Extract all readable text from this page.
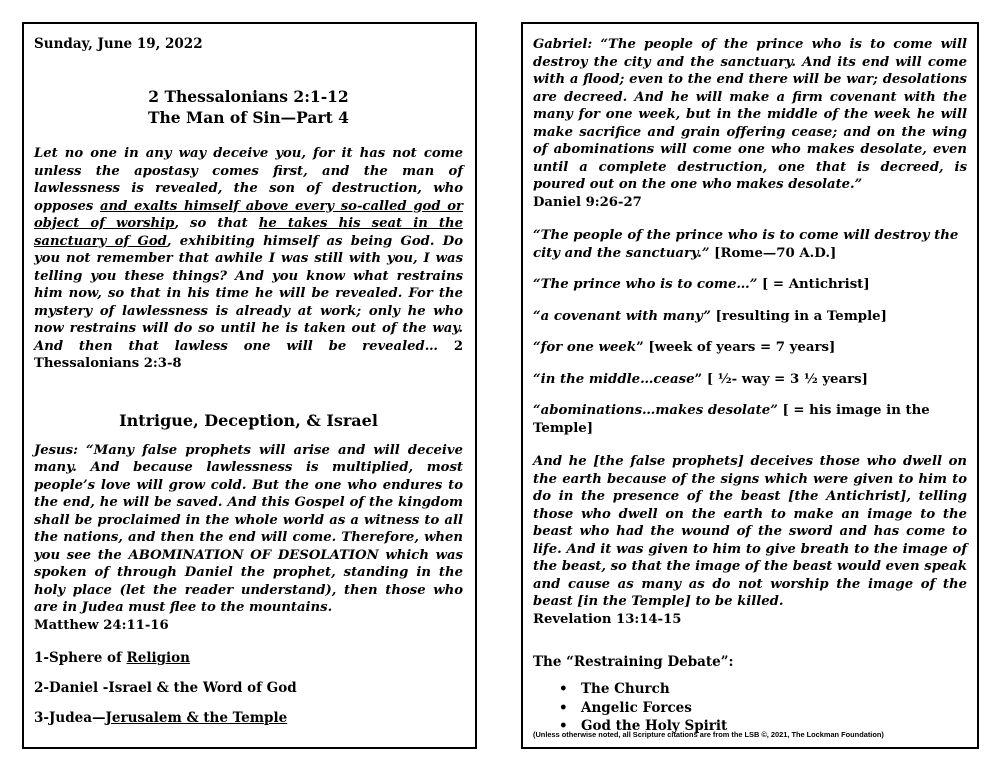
Sunday, June 19, 2022

2 Thessalonians 2:1-12
The Man of Sin—Part 4

Let no one in any way deceive you, for it has not come unless the apostasy comes first, and the man of lawlessness is revealed, the son of destruction, who opposes and exalts himself above every so-called god or object of worship, so that he takes his seat in the sanctuary of God, exhibiting himself as being God. Do you not remember that awhile I was still with you, I was telling you these things? And you know what restrains him now, so that in his time he will be revealed. For the mystery of lawlessness is already at work; only he who now restrains will do so until he is taken out of the way. And then that lawless one will be revealed… 2 Thessalonians 2:3-8

Intrigue, Deception, & Israel

Jesus: “Many false prophets will arise and will deceive many. And because lawlessness is multiplied, most people’s love will grow cold. But the one who endures to the end, he will be saved. And this Gospel of the kingdom shall be proclaimed in the whole world as a witness to all the nations, and then the end will come. Therefore, when you see the ABOMINATION OF DESOLATION which was spoken of through Daniel the prophet, standing in the holy place (let the reader understand), then those who are in Judea must flee to the mountains.

Matthew 24:11-16

1-Sphere of Religion

2-Daniel -Israel & the Word of God

3-Judea—Jerusalem & the Temple

Gabriel: “The people of the prince who is to come will destroy the city and the sanctuary. And its end will come with a flood; even to the end there will be war; desolations are decreed. And he will make a firm covenant with the many for one week, but in the middle of the week he will make sacrifice and grain offering cease; and on the wing of abominations will come one who makes desolate, even until a complete destruction, one that is decreed, is poured out on the one who makes desolate.”

Daniel 9:26-27

“The people of the prince who is to come will destroy the city and the sanctuary.” [Rome—70 A.D.]

“The prince who is to come…” [ = Antichrist]

“a covenant with many” [resulting in a Temple]

“for one week” [week of years = 7 years]

“in the middle…cease” [ ½- way = 3 ½ years]

“abominations…makes desolate” [ = his image in the Temple]

And he [the false prophets] deceives those who dwell on the earth because of the signs which were given to him to do in the presence of the beast [the Antichrist], telling those who dwell on the earth to make an image to the beast who had the wound of the sword and has come to life. And it was given to him to give breath to the image of the beast, so that the image of the beast would even speak and cause as many as do not worship the image of the beast [in the Temple] to be killed.

Revelation 13:14-15

The “Restraining Debate”:

• The Church
• Angelic Forces
• God the Holy Spirit
(Unless otherwise noted, all Scripture citations are from the LSB ©, 2021, The Lockman Foundation)
